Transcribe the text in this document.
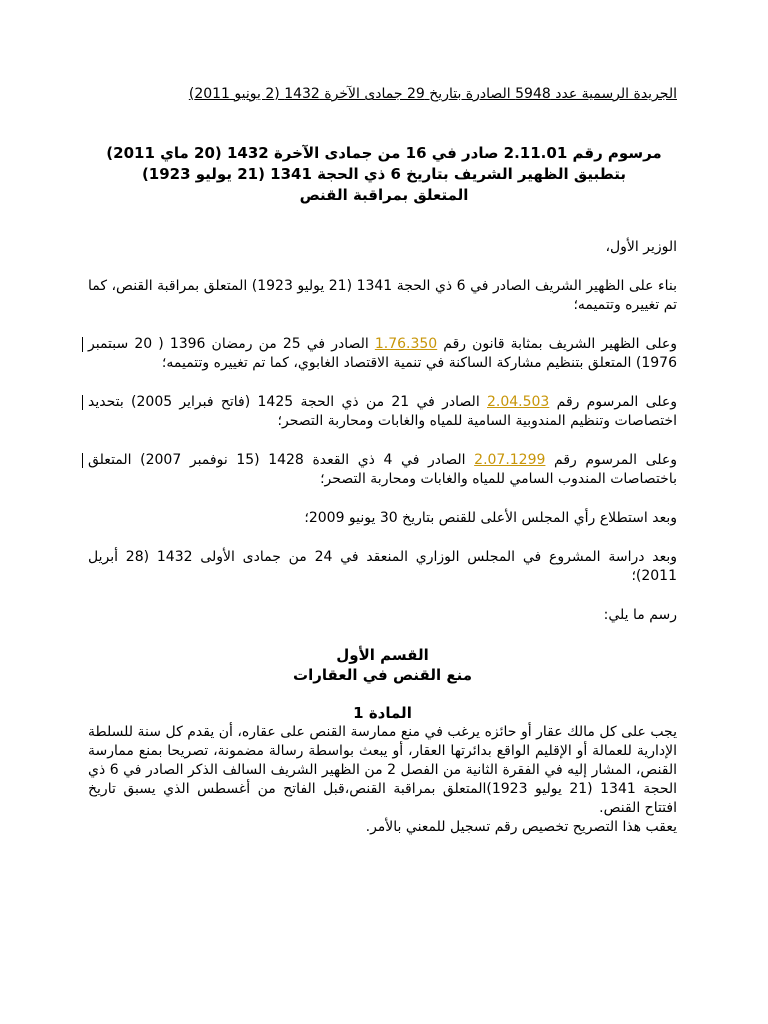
الجريدة الرسمية عدد 5948 الصادرة بتاريخ 29 جمادى الآخرة 1432 (2 يونيو 2011)
مرسوم رقم 2.11.01 صادر في 16 من جمادى الآخرة 1432 (20 ماي 2011)
بتطبيق الظهير الشريف بتاريخ 6 ذي الحجة 1341 (21 يوليو 1923)
المتعلق بمراقبة القنص

الوزير الأول،

بناء على الظهير الشريف الصادر في 6 ذي الحجة 1341 (21 يوليو 1923) المتعلق بمراقبة القنص، كما تم تغييره وتتميمه؛

وعلى الظهير الشريف بمثابة قانون رقم 1.76.350 الصادر في 25 من رمضان 1396 ( 20 سبتمبر 1976) المتعلق بتنظيم مشاركة الساكنة في تنمية الاقتصاد الغابوي، كما تم تغييره وتتميمه؛

وعلى المرسوم رقم 2.04.503 الصادر في 21 من ذي الحجة 1425 (فاتح فبراير 2005) بتحديد اختصاصات وتنظيم المندوبية السامية للمياه والغابات ومحاربة التصحر؛

وعلى المرسوم رقم 2.07.1299 الصادر في 4 ذي القعدة 1428 (15 نوفمبر 2007) المتعلق باختصاصات المندوب السامي للمياه والغابات ومحاربة التصحر؛

وبعد استطلاع رأي المجلس الأعلى للقنص بتاريخ 30 يونيو 2009؛

وبعد دراسة المشروع في المجلس الوزاري المنعقد في 24 من جمادى الأولى 1432 (28 أبريل 2011)؛

رسم ما يلي:

القسم الأول
منع القنص في العقارات
المادة 1

يجب على كل مالك عقار أو حائزه يرغب في منع ممارسة القنص على عقاره، أن يقدم كل سنة للسلطة الإدارية للعمالة أو الإقليم الواقع بدائرتها العقار، أو يبعث بواسطة رسالة مضمونة، تصريحا بمنع ممارسة القنص، المشار إليه في الفقرة الثانية من الفصل 2 من الظهير الشريف السالف الذكر الصادر في 6 ذي الحجة 1341 (21 يوليو 1923)المتعلق بمراقبة القنص،قبل الفاتح من أغسطس الذي يسبق تاريخ افتتاح القنص.

يعقب هذا التصريح تخصيص رقم تسجيل للمعني بالأمر.
